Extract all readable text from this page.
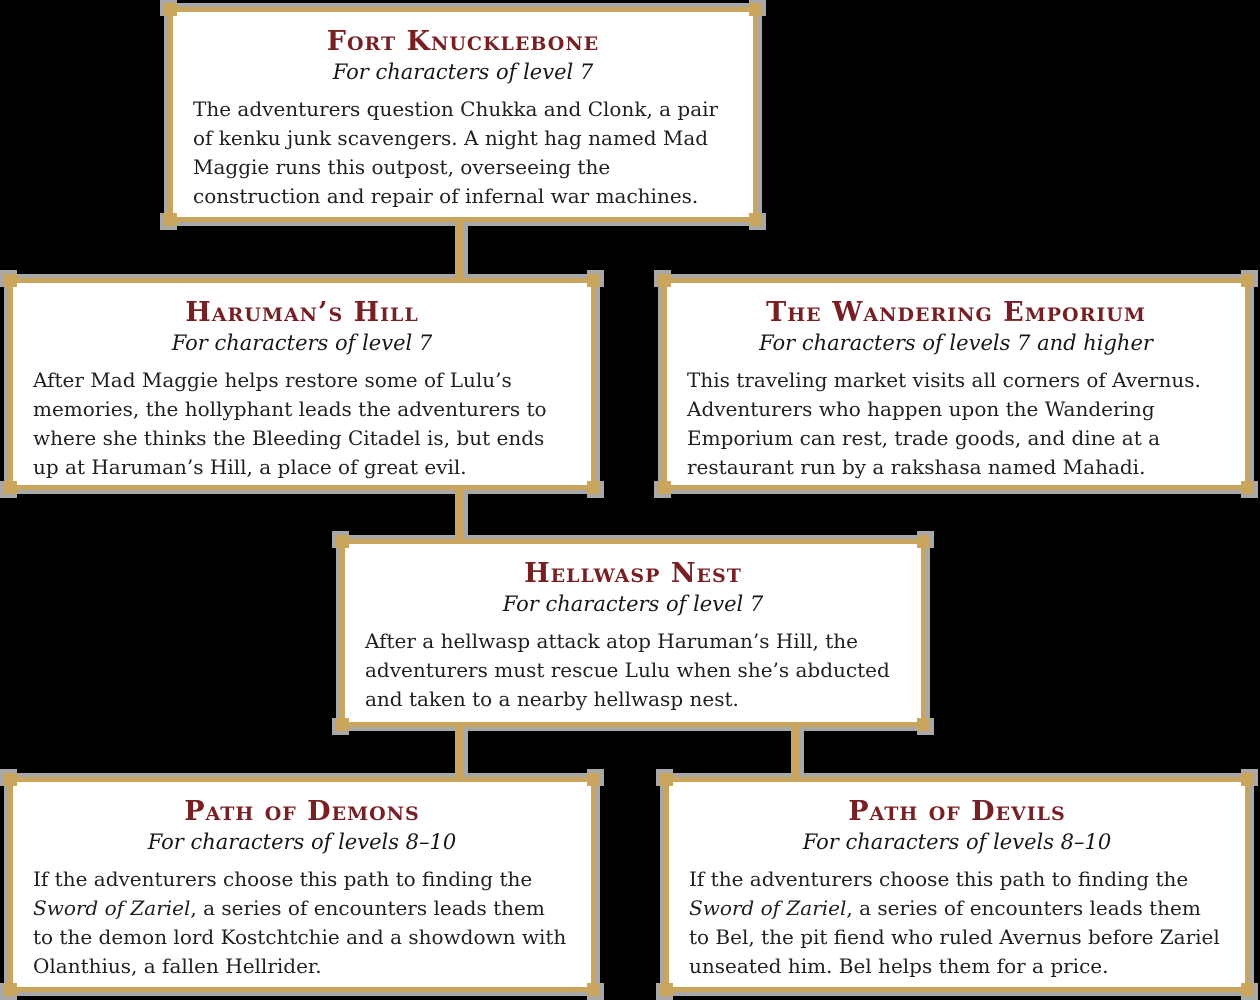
Fort Knucklebone

For characters of level 7

The adventurers question Chukka and Clonk, a pair of kenku junk scavengers. A night hag named Mad Maggie runs this outpost, overseeing the construction and repair of infernal war machines.

Haruman’s Hill

For characters of level 7

After Mad Maggie helps restore some of Lulu’s memories, the hollyphant leads the adventurers to where she thinks the Bleeding Citadel is, but ends up at Haruman’s Hill, a place of great evil.

The Wandering Emporium

For characters of levels 7 and higher

This traveling market visits all corners of Avernus. Adventurers who happen upon the Wandering Emporium can rest, trade goods, and dine at a restaurant run by a rakshasa named Mahadi.

Hellwasp Nest

For characters of level 7

After a hellwasp attack atop Haruman’s Hill, the adventurers must rescue Lulu when she’s abducted and taken to a nearby hellwasp nest.

Path of Demons

For characters of levels 8–10

If the adventurers choose this path to finding the Sword of Zariel, a series of encounters leads them to the demon lord Kostchtchie and a showdown with Olanthius, a fallen Hellrider.

Path of Devils

For characters of levels 8–10

If the adventurers choose this path to finding the Sword of Zariel, a series of encounters leads them to Bel, the pit fiend who ruled Avernus before Zariel unseated him. Bel helps them for a price.
